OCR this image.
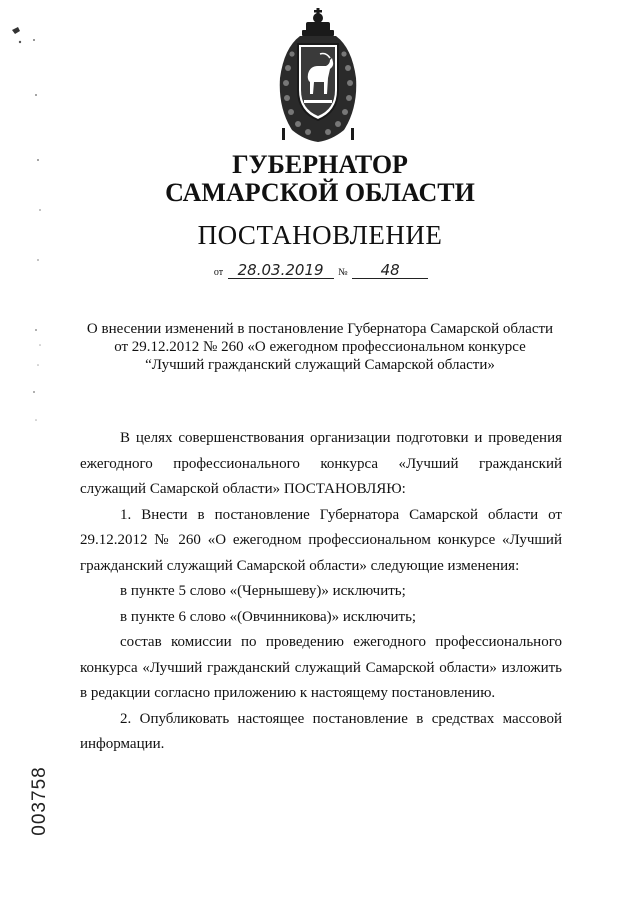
ГУБЕРНАТОР
САМАРСКОЙ ОБЛАСТИ
ПОСТАНОВЛЕНИЕ
от 28.03.2019 № 48
О внесении изменений в постановление Губернатора Самарской области
от 29.12.2012 № 260 «О ежегодном профессиональном конкурсе
“Лучший гражданский служащий Самарской области»

В целях совершенствования организации подготовки и проведения ежегодного профессионального конкурса «Лучший гражданский служащий Самарской области» ПОСТАНОВЛЯЮ:

1. Внести в постановление Губернатора Самарской области от 29.12.2012 № 260 «О ежегодном профессиональном конкурсе «Лучший гражданский служащий Самарской области» следующие изменения:

в пункте 5 слово «(Чернышеву)» исключить;

в пункте 6 слово «(Овчинникова)» исключить;

состав комиссии по проведению ежегодного профессионального конкурса «Лучший гражданский служащий Самарской области» изложить в редакции согласно приложению к настоящему постановлению.

2. Опубликовать настоящее постановление в средствах массовой информации.

003758
